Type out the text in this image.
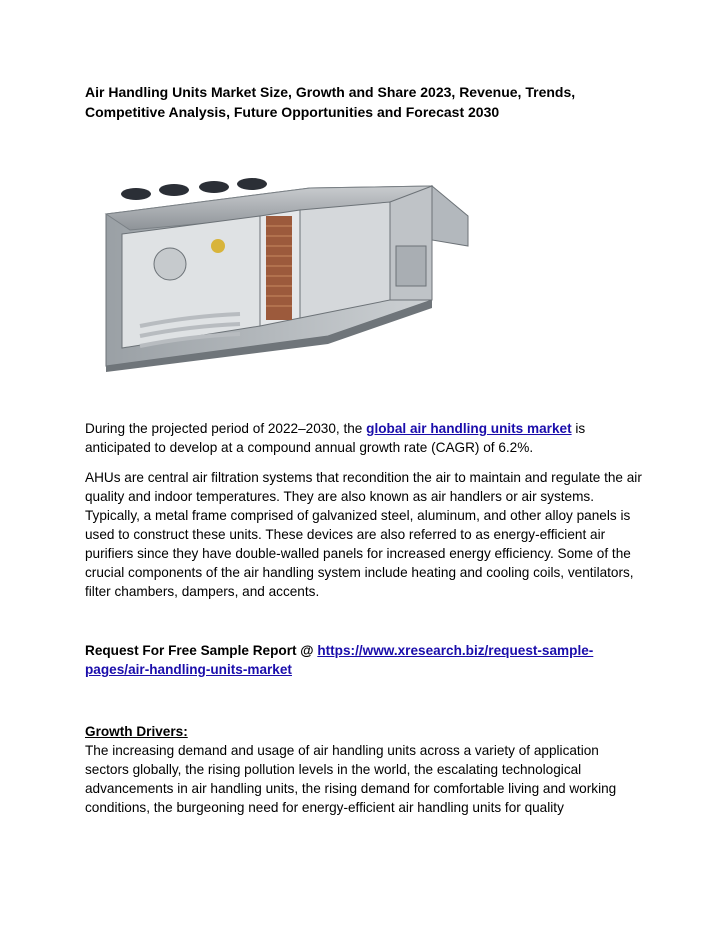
Air Handling Units Market Size, Growth and Share 2023, Revenue, Trends, Competitive Analysis, Future Opportunities and Forecast 2030
During the projected period of 2022–2030, the global air handling units market is anticipated to develop at a compound annual growth rate (CAGR) of 6.2%.
AHUs are central air filtration systems that recondition the air to maintain and regulate the air quality and indoor temperatures. They are also known as air handlers or air systems. Typically, a metal frame comprised of galvanized steel, aluminum, and other alloy panels is used to construct these units. These devices are also referred to as energy-efficient air purifiers since they have double-walled panels for increased energy efficiency. Some of the crucial components of the air handling system include heating and cooling coils, ventilators, filter chambers, dampers, and accents.
Request For Free Sample Report @ https://www.xresearch.biz/request-sample-pages/air-handling-units-market
Growth Drivers:
The increasing demand and usage of air handling units across a variety of application sectors globally, the rising pollution levels in the world, the escalating technological advancements in air handling units, the rising demand for comfortable living and working conditions, the burgeoning need for energy-efficient air handling units for quality
